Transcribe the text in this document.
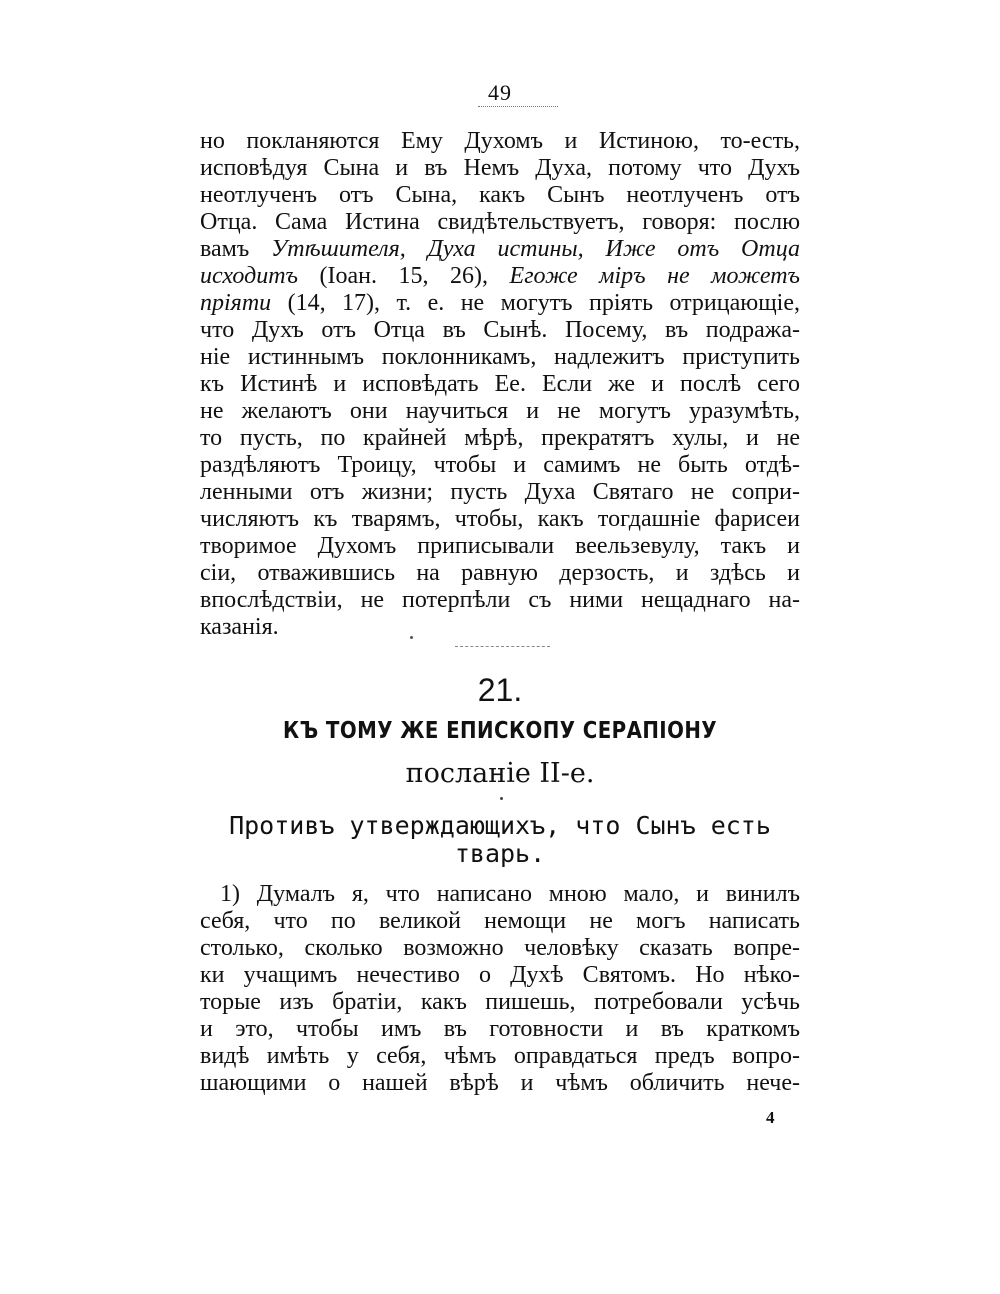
49
но покланяются Ему Духомъ и Истиною, то-есть,
исповѣдуя Сына и въ Немъ Духа, потому что Духъ
неотлученъ отъ Сына, какъ Сынъ неотлученъ отъ
Отца. Сама Истина свидѣтельствуетъ, говоря: послю
вамъ Утѣшителя, Духа истины, Иже отъ Отца
исходитъ (Іоан. 15, 26), Егоже міръ не можетъ
пріяти (14, 17), т. е. не могутъ пріять отрицающіе,
что Духъ отъ Отца въ Сынѣ. Посему, въ подража-
ніе истиннымъ поклонникамъ, надлежитъ приступить
къ Истинѣ и исповѣдать Ее. Если же и послѣ сего
не желаютъ они научиться и не могутъ уразумѣть,
то пусть, по крайней мѣрѣ, прекратятъ хулы, и не
раздѣляютъ Троицу, чтобы и самимъ не быть отдѣ-
ленными отъ жизни; пусть Духа Святаго не сопри-
числяютъ къ тварямъ, чтобы, какъ тогдашніе фарисеи
творимое Духомъ приписывали веельзевулу, такъ и
сіи, отважившись на равную дерзость, и здѣсь и
впослѣдствіи, не потерпѣли съ ними нещаднаго на-
казанія.
21.
КЪ ТОМУ ЖЕ ЕПИСКОПУ СЕРАПІОНУ
посланіе II-е.
Противъ утверждающихъ, что Сынъ есть
тварь.
1) Думалъ я, что написано мною мало, и винилъ
себя, что по великой немощи не могъ написать
столько, сколько возможно человѣку сказать вопре-
ки учащимъ нечестиво о Духѣ Святомъ. Но нѣко-
торые изъ братіи, какъ пишешь, потребовали усѣчь
и это, чтобы имъ въ готовности и въ краткомъ
видѣ имѣть у себя, чѣмъ оправдаться предъ вопро-
шающими о нашей вѣрѣ и чѣмъ обличить нече-
4
